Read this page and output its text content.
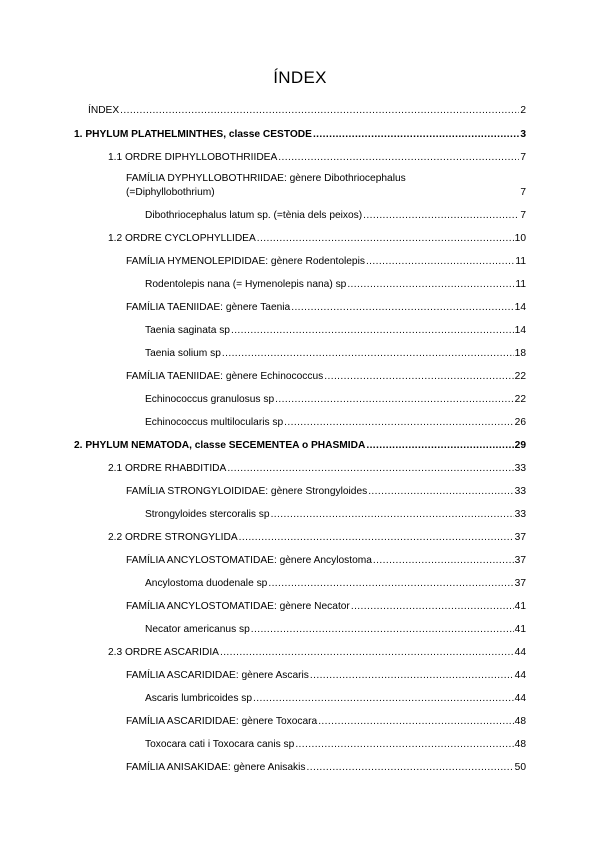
ÍNDEX
ÍNDEX .....	2
1. PHYLUM PLATHELMINTHES, classe CESTODE .....	3
1.1 ORDRE DIPHYLLOBOTHRIIDEA .....	7
FAMÍLIA DYPHYLLOBOTHRIIDAE: gènere Dibothriocephalus
(=Diphyllobothrium)	7
Dibothriocephalus latum sp. (=tènia dels peixos) .....	7
1.2 ORDRE CYCLOPHYLLIDEA .....	10
FAMÍLIA HYMENOLEPIDIDAE: gènere Rodentolepis .....	11
Rodentolepis nana (= Hymenolepis nana) sp .....	11
FAMÍLIA TAENIIDAE: gènere Taenia .....	14
Taenia saginata sp .....	14
Taenia solium sp .....	18
FAMÍLIA TAENIIDAE: gènere Echinococcus .....	22
Echinococcus granulosus sp .....	22
Echinococcus multilocularis sp .....	26
2. PHYLUM NEMATODA, classe SECEMENTEA o PHASMIDA .....	29
2.1 ORDRE RHABDITIDA .....	33
FAMÍLIA STRONGYLOIDIDAE: gènere Strongyloides .....	33
Strongyloides stercoralis sp .....	33
2.2 ORDRE STRONGYLIDA .....	37
FAMÍLIA ANCYLOSTOMATIDAE: gènere Ancylostoma .....	37
Ancylostoma duodenale sp .....	37
FAMÍLIA ANCYLOSTOMATIDAE: gènere Necator .....	41
Necator americanus sp .....	41
2.3 ORDRE ASCARIDIA .....	44
FAMÍLIA ASCARIDIDAE: gènere Ascaris .....	44
Ascaris lumbricoides sp .....	44
FAMÍLIA ASCARIDIDAE: gènere Toxocara .....	48
Toxocara cati i Toxocara canis sp .....	48
FAMÍLIA ANISAKIDAE: gènere Anisakis .....	50
